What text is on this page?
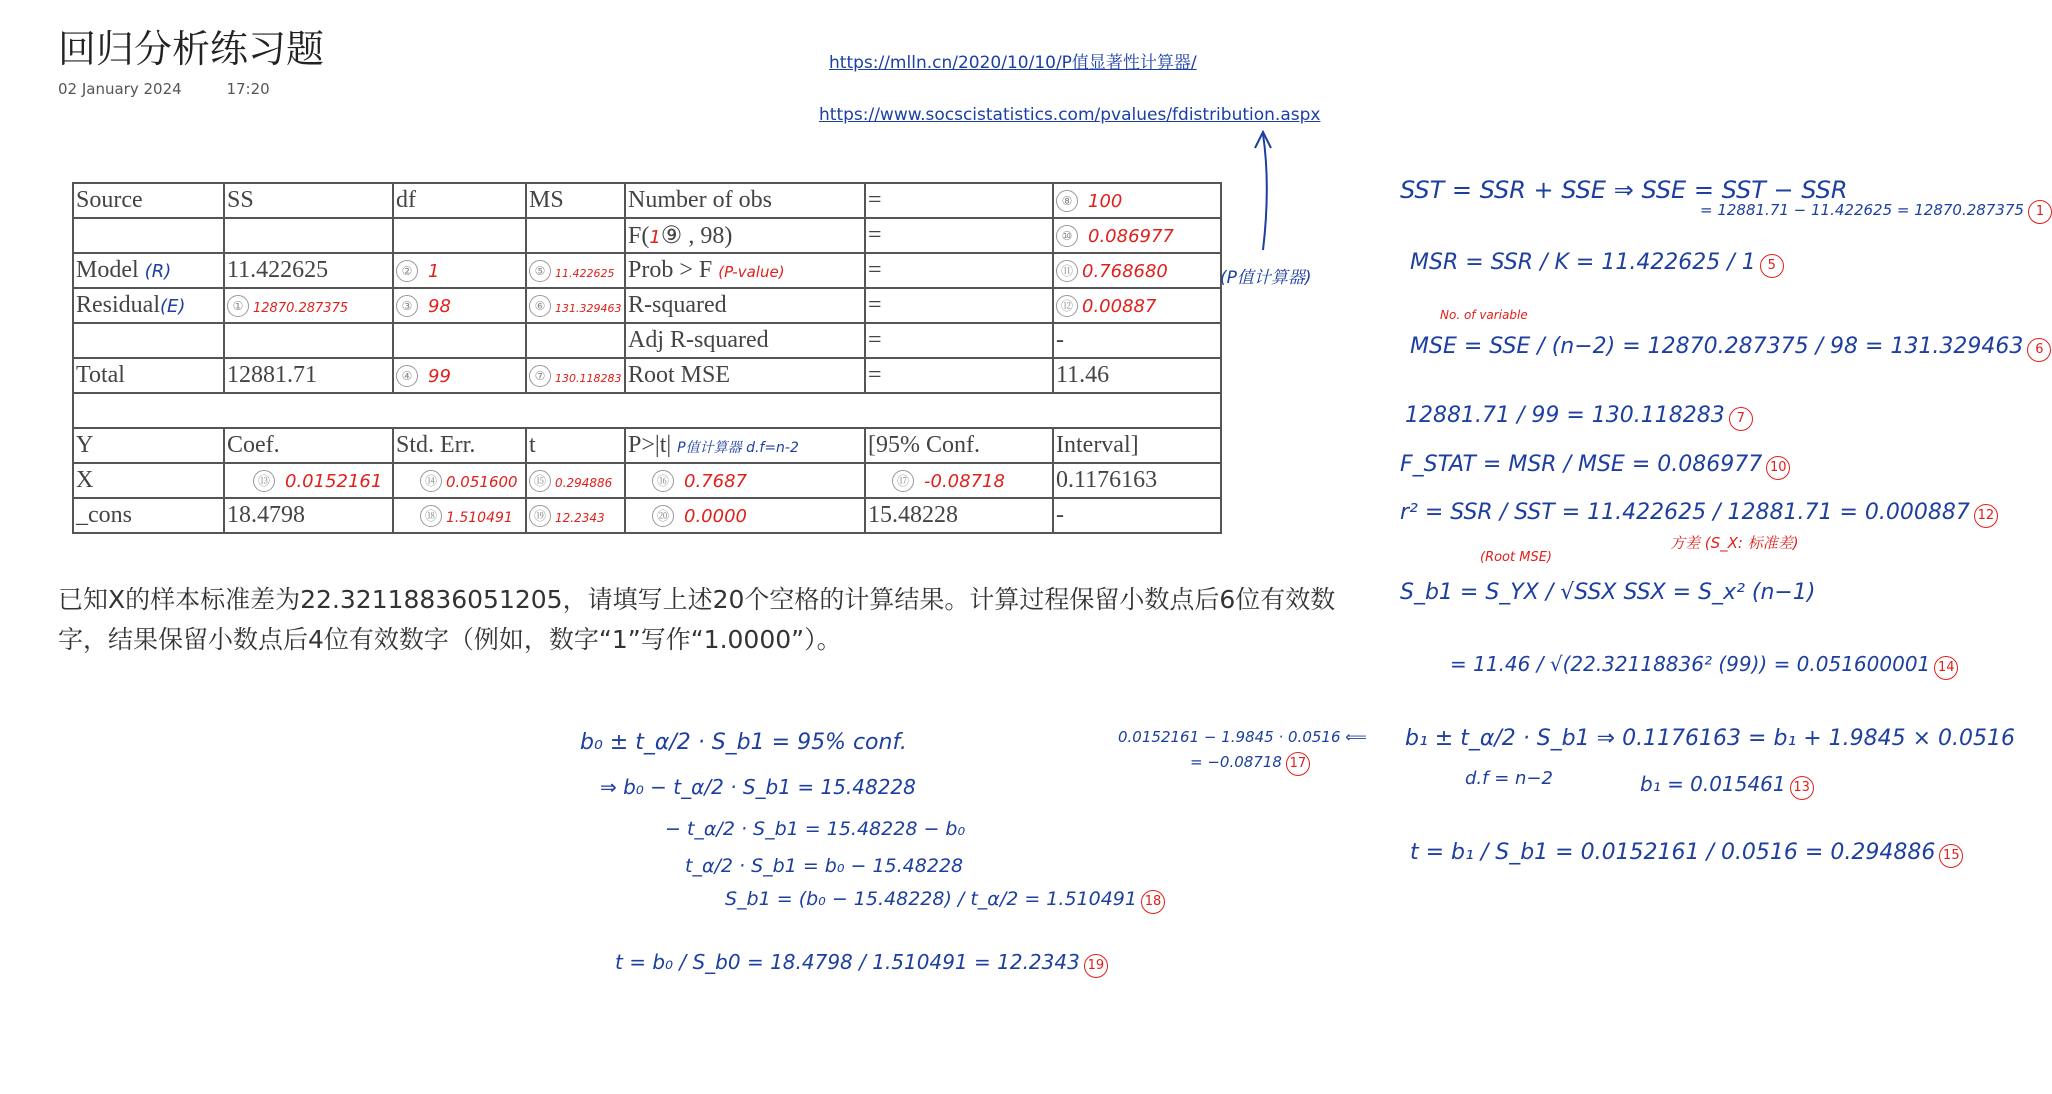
回归分析练习题
02 January 2024	17:20
https://mlln.cn/2020/10/10/P值显著性计算器/
https://www.socscistatistics.com/pvalues/fdistribution.aspx
Source	SS	df	MS	Number of obs	=	⑧ 100
				F(1⑨ , 98)	=	⑩ 0.086977
Model (R)	11.422625	② 1	⑤ 11.422625	Prob > F (P-value)	=	⑪ 0.768680
Residual(E)	① 12870.287375	③ 98	⑥ 131.329463	R-squared	=	⑫ 0.00887
				Adj R-squared	=	-
Total	12881.71	④ 99	⑦ 130.118283	Root MSE	=	11.46

Y	Coef.	Std. Err.	t	P>|t| P值计算器 d.f=n-2	[95% Conf.	Interval]
X	⑬ 0.0152161	⑭ 0.051600	⑮ 0.294886	⑯ 0.7687	⑰ -0.08718	0.1176163
_cons	18.4798	⑱ 1.510491	⑲ 12.2343	⑳ 0.0000	15.48228	-
(P值计算器)
已知X的样本标准差为22.32118836051205，请填写上述20个空格的计算结果。计算过程保留小数点后6位有效数字，结果保留小数点后4位有效数字（例如，数字“1”写作“1.0000”）。
SST = SSR + SSE ⇒ SSE = SST − SSR
= 12881.71 − 11.422625 = 12870.287375 1
MSR = SSR / K = 11.422625 / 1 5
No. of variable
MSE = SSE / (n−2) = 12870.287375 / 98 = 131.329463 6
12881.71 / 99 = 130.118283 7
F_STAT = MSR / MSE = 0.086977 10
r² = SSR / SST = 11.422625 / 12881.71 = 0.000887 12
(Root MSE)
方差 (S_X: 标准差)
S_b1 = S_YX / √SSX SSX = S_x² (n−1)
= 11.46 / √(22.32118836² (99)) = 0.051600001 14
b₁ ± t_α/2 · S_b1 ⇒ 0.1176163 = b₁ + 1.9845 × 0.0516
d.f = n−2	b₁ = 0.015461 13
t = b₁ / S_b1 = 0.0152161 / 0.0516 = 0.294886 15
0.0152161 − 1.9845 · 0.0516 ⟸
= −0.08718 17
b₀ ± t_α/2 · S_b1 = 95% conf.
⇒ b₀ − t_α/2 · S_b1 = 15.48228
− t_α/2 · S_b1 = 15.48228 − b₀
t_α/2 · S_b1 = b₀ − 15.48228
S_b1 = (b₀ − 15.48228) / t_α/2 = 1.510491 18
t = b₀ / S_b0 = 18.4798 / 1.510491 = 12.2343 19
